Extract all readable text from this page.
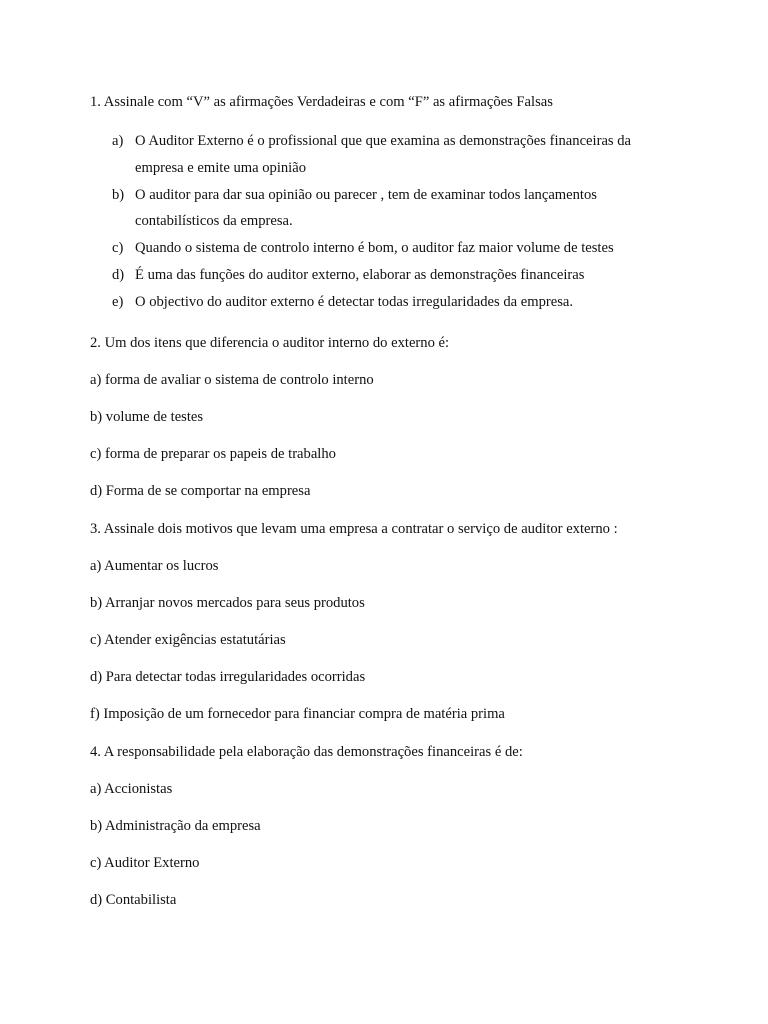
1. Assinale com “V” as afirmações Verdadeiras e com “F” as afirmações Falsas

a) O Auditor Externo é o profissional que que examina as demonstrações financeiras da empresa e emite uma opinião
b) O auditor para dar sua opinião ou parecer , tem de examinar todos lançamentos contabilísticos da empresa.
c) Quando o sistema de controlo interno é bom, o auditor faz maior volume de testes
d) É uma das funções do auditor externo, elaborar as demonstrações financeiras
e) O objectivo do auditor externo é detectar todas irregularidades da empresa.

2. Um dos itens que diferencia o auditor interno do externo é:

a) forma de avaliar o sistema de controlo interno

b) volume de testes

c) forma de preparar os papeis de trabalho

d) Forma de se comportar na empresa

3. Assinale dois motivos que levam uma empresa a contratar o serviço de auditor externo :

a) Aumentar os lucros

b) Arranjar novos mercados para seus produtos

c) Atender exigências estatutárias

d) Para detectar todas irregularidades ocorridas

f) Imposição de um fornecedor para financiar compra de matéria prima

4. A responsabilidade pela elaboração das demonstrações financeiras é de:

a) Accionistas

b) Administração da empresa

c) Auditor Externo

d) Contabilista
